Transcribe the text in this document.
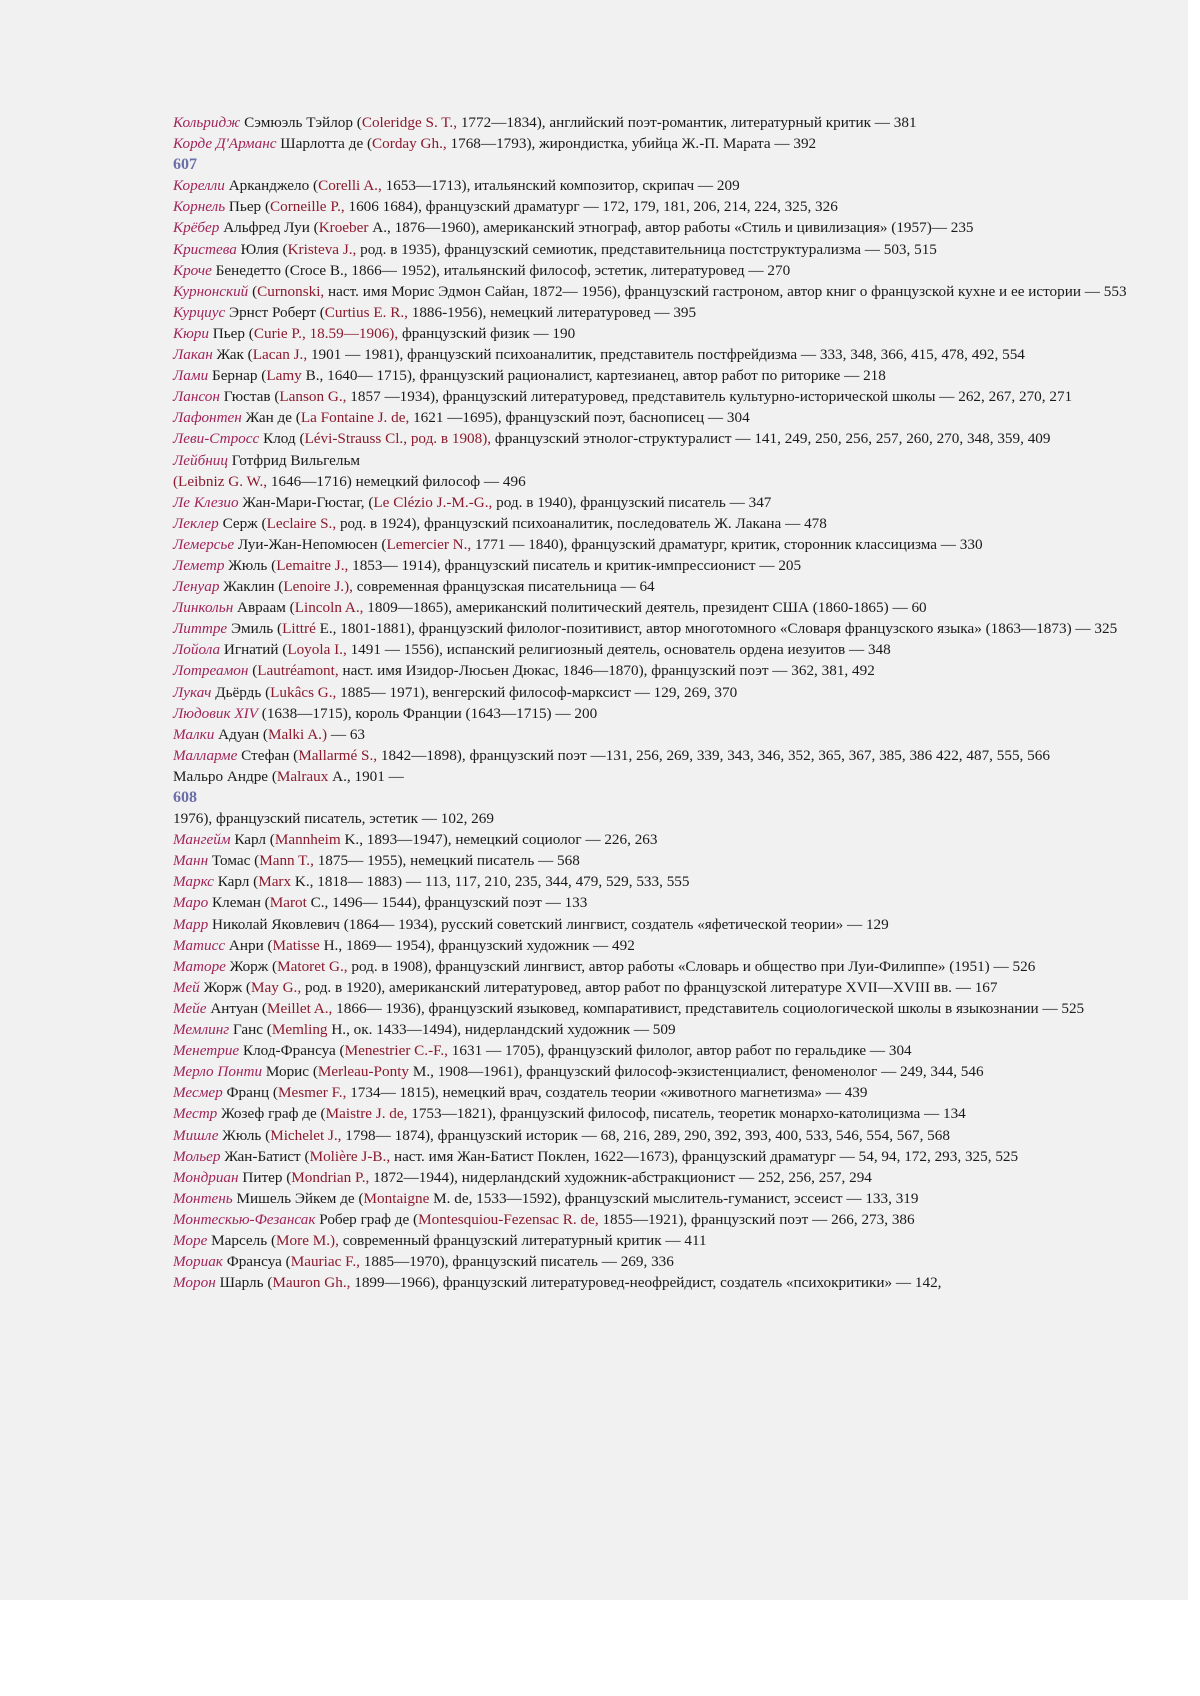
Кольридж Сэмюэль Тэйлор (Coleridge S. T., 1772—1834), английский поэт-романтик, литературный критик — 381
Корде Д'Арманс Шарлотта де (Corday Gh., 1768—1793), жирондистка, убийца Ж.-П. Марата — 392
607
Корелли Арканджело (Corelli A., 1653—1713), итальянский композитор, скрипач — 209
Корнель Пьер (Corneille P., 1606 1684), французский драматург — 172, 179, 181, 206, 214, 224, 325, 326
Крёбер Альфред Луи (Kroeber А., 1876—1960), американский этнограф, автор работы «Стиль и цивилизация» (1957)— 235
Кристева Юлия (Kristeva J., род. в 1935), французский семиотик, представительница постструктурализма — 503, 515
Кроче Бенедетто (Croce В., 1866— 1952), итальянский философ, эстетик, литературовед — 270
Курнонский (Curnonski, наст. имя Морис Эдмон Сайан, 1872— 1956), французский гастроном, автор книг о французской кухне и ее истории — 553
Курциус Эрнст Роберт (Curtius E. R., 1886-1956), немецкий литературовед — 395
Кюри Пьер (Curie P., 18.59—1906), французский физик — 190
Лакан Жак (Lacan J., 1901 — 1981), французский психоаналитик, представитель постфрейдизма — 333, 348, 366, 415, 478, 492, 554
Лами Бернар (Lamy B., 1640— 1715), французский рационалист, картезианец, автор работ по риторике — 218
Лансон Гюстав (Lanson G., 1857 —1934), французский литературовед, представитель культурно-исторической школы — 262, 267, 270, 271
Лафонтен Жан де (La Fontaine J. de, 1621 —1695), французский поэт, баснописец — 304
Леви-Стросс Клод (Lévi-Strauss Cl., род. в 1908), французский этнолог-структуралист — 141, 249, 250, 256, 257, 260, 270, 348, 359, 409
Лейбниц Готфрид Вильгельм
(Leibniz G. W., 1646—1716) немецкий философ — 496
Ле Клезио Жан-Мари-Гюстаг, (Le Clézio J.-M.-G., род. в 1940), французский писатель — 347
Леклер Серж (Leclaire S., род. в 1924), французский психоаналитик, последователь Ж. Лакана — 478
Лемерсье Луи-Жан-Непомюсен (Lemercier N., 1771 — 1840), французский драматург, критик, сторонник классицизма — 330
Леметр Жюль (Lemaitre J., 1853— 1914), французский писатель и критик-импрессионист — 205
Ленуар Жаклин (Lenoire J.), современная французская писательница — 64
Линкольн Авраам (Lincoln A., 1809—1865), американский политический деятель, президент США (1860-1865) — 60
Литтре Эмиль (Littré E., 1801-1881), французский филолог-позитивист, автор многотомного «Словаря французского языка» (1863—1873) — 325
Лойола Игнатий (Loyola I., 1491 — 1556), испанский религиозный деятель, основатель ордена иезуитов — 348
Лотреамон (Lautréamont, наст. имя Изидор-Люсьен Дюкас, 1846—1870), французский поэт — 362, 381, 492
Лукач Дьёрдь (Lukâcs G., 1885— 1971), венгерский философ-марксист — 129, 269, 370
Людовик XIV (1638—1715), король Франции (1643—1715) — 200
Малки Адуан (Malki A.) — 63
Малларме Стефан (Mallarmé S., 1842—1898), французский поэт —131, 256, 269, 339, 343, 346, 352, 365, 367, 385, 386 422, 487, 555, 566
Мальро Андре (Malraux А., 1901 —
608
1976), французский писатель, эстетик — 102, 269
Мангейм Карл (Mannheim K., 1893—1947), немецкий социолог — 226, 263
Манн Томас (Mann T., 1875— 1955), немецкий писатель — 568
Маркс Карл (Marx K., 1818— 1883) — 113, 117, 210, 235, 344, 479, 529, 533, 555
Маро Клеман (Marot C., 1496— 1544), французский поэт — 133
Марр Николай Яковлевич (1864— 1934), русский советский лингвист, создатель «яфетической теории» — 129
Матисс Анри (Matisse H., 1869— 1954), французский художник — 492
Маторе Жорж (Matoret G., род. в 1908), французский лингвист, автор работы «Словарь и общество при Луи-Филиппе» (1951) — 526
Мей Жорж (May G., род. в 1920), американский литературовед, автор работ по французской литературе XVII—XVIII вв. — 167
Мейе Антуан (Meillet A., 1866— 1936), французский языковед, компаративист, представитель социологической школы в языкознании — 525
Мемлинг Ганс (Memling H., ок. 1433—1494), нидерландский художник — 509
Менетрие Клод-Франсуа (Menestrier C.-F., 1631 — 1705), французский филолог, автор работ по геральдике — 304
Мерло Понти Морис (Merleau-Ponty M., 1908—1961), французский философ-экзистенциалист, феноменолог — 249, 344, 546
Месмер Франц (Mesmer F., 1734— 1815), немецкий врач, создатель теории «животного магнетизма» — 439
Местр Жозеф граф де (Maistre J. de, 1753—1821), французский философ, писатель, теоретик монархо-католицизма — 134
Мишле Жюль (Michelet J., 1798— 1874), французский историк — 68, 216, 289, 290, 392, 393, 400, 533, 546, 554, 567, 568
Мольер Жан-Батист (Molière J-B., наст. имя Жан-Батист Поклен, 1622—1673), французский драматург — 54, 94, 172, 293, 325, 525
Мондриан Питер (Mondrian P., 1872—1944), нидерландский художник-абстракционист — 252, 256, 257, 294
Монтень Мишель Эйкем де (Montaigne M. de, 1533—1592), французский мыслитель-гуманист, эссеист — 133, 319
Монтескью-Фезансак Робер граф де (Montesquiou-Fezensac R. de, 1855—1921), французский поэт — 266, 273, 386
Море Марсель (More M.), современный французский литературный критик — 411
Мориак Франсуа (Mauriac F., 1885—1970), французский писатель — 269, 336
Морон Шарль (Mauron Gh., 1899—1966), французский литературовед-неофрейдист, создатель «психокритики» — 142,
